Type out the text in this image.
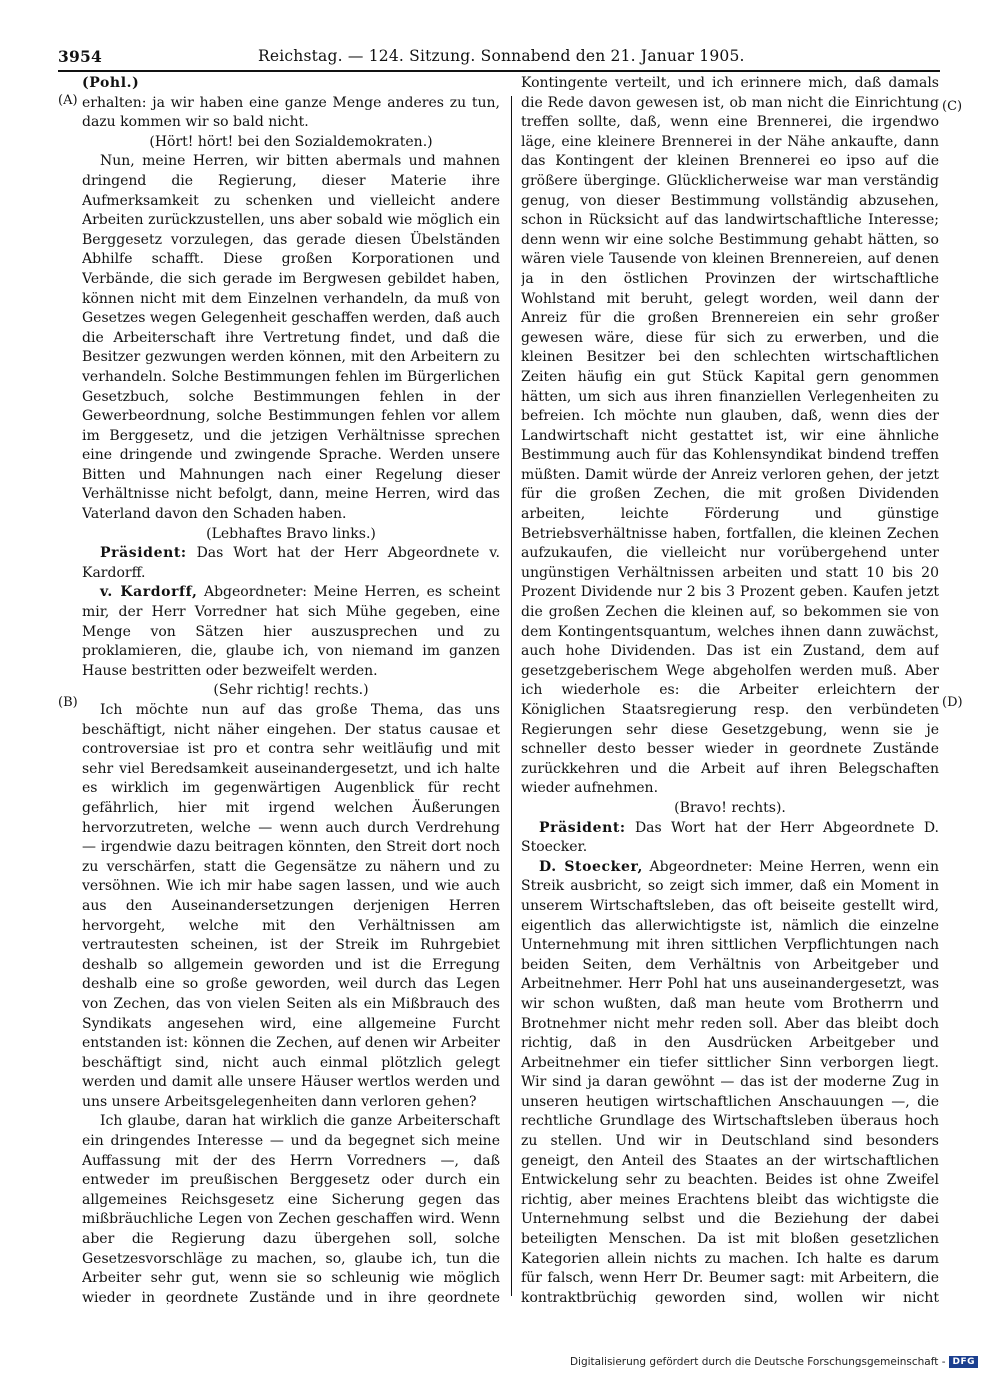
3954	Reichstag. — 124. Sitzung. Sonnabend den 21. Januar 1905.
(A)
(B)
(C)
(D)

(Pohl.)

erhalten: ja wir haben eine ganze Menge anderes zu tun, dazu kommen wir so bald nicht.

(Hört! hört! bei den Sozialdemokraten.)

Nun, meine Herren, wir bitten abermals und mahnen dringend die Regierung, dieser Materie ihre Aufmerksamkeit zu schenken und vielleicht andere Arbeiten zurückzustellen, uns aber sobald wie möglich ein Berggesetz vorzulegen, das gerade diesen Übelständen Abhilfe schafft. Diese großen Korporationen und Verbände, die sich gerade im Bergwesen gebildet haben, können nicht mit dem Einzelnen verhandeln, da muß von Gesetzes wegen Gelegenheit geschaffen werden, daß auch die Arbeiterschaft ihre Vertretung findet, und daß die Besitzer gezwungen werden können, mit den Arbeitern zu verhandeln. Solche Bestimmungen fehlen im Bürgerlichen Gesetzbuch, solche Bestimmungen fehlen in der Gewerbeordnung, solche Bestimmungen fehlen vor allem im Berggesetz, und die jetzigen Verhältnisse sprechen eine dringende und zwingende Sprache. Werden unsere Bitten und Mahnungen nach einer Regelung dieser Verhältnisse nicht befolgt, dann, meine Herren, wird das Vaterland davon den Schaden haben.

(Lebhaftes Bravo links.)

Präsident: Das Wort hat der Herr Abgeordnete v. Kardorff.

v. Kardorff, Abgeordneter: Meine Herren, es scheint mir, der Herr Vorredner hat sich Mühe gegeben, eine Menge von Sätzen hier auszusprechen und zu proklamieren, die, glaube ich, von niemand im ganzen Hause bestritten oder bezweifelt werden.

(Sehr richtig! rechts.)

Ich möchte nun auf das große Thema, das uns beschäftigt, nicht näher eingehen. Der status causae et controversiae ist pro et contra sehr weitläufig und mit sehr viel Beredsamkeit auseinandergesetzt, und ich halte es wirklich im gegenwärtigen Augenblick für recht gefährlich, hier mit irgend welchen Äußerungen hervorzutreten, welche — wenn auch durch Verdrehung — irgendwie dazu beitragen könnten, den Streit dort noch zu verschärfen, statt die Gegensätze zu nähern und zu versöhnen. Wie ich mir habe sagen lassen, und wie auch aus den Auseinandersetzungen derjenigen Herren hervorgeht, welche mit den Verhältnissen am vertrautesten scheinen, ist der Streik im Ruhrgebiet deshalb so allgemein geworden und ist die Erregung deshalb eine so große geworden, weil durch das Legen von Zechen, das von vielen Seiten als ein Mißbrauch des Syndikats angesehen wird, eine allgemeine Furcht entstanden ist: können die Zechen, auf denen wir Arbeiter beschäftigt sind, nicht auch einmal plötzlich gelegt werden und damit alle unsere Häuser wertlos werden und uns unsere Arbeitsgelegenheiten dann verloren gehen?

Ich glaube, daran hat wirklich die ganze Arbeiterschaft ein dringendes Interesse — und da begegnet sich meine Auffassung mit der des Herrn Vorredners —, daß entweder im preußischen Berggesetz oder durch ein allgemeines Reichsgesetz eine Sicherung gegen das mißbräuchliche Legen von Zechen geschaffen wird. Wenn aber die Regierung dazu übergehen soll, solche Gesetzesvorschläge zu machen, so, glaube ich, tun die Arbeiter sehr gut, wenn sie so schleunig wie möglich wieder in geordnete Zustände und in ihre geordnete

Kontingente verteilt, und ich erinnere mich, daß damals die Rede davon gewesen ist, ob man nicht die Einrichtung treffen sollte, daß, wenn eine Brennerei, die irgendwo läge, eine kleinere Brennerei in der Nähe ankaufte, dann das Kontingent der kleinen Brennerei eo ipso auf die größere überginge. Glücklicherweise war man verständig genug, von dieser Bestimmung vollständig abzusehen, schon in Rücksicht auf das landwirtschaftliche Interesse; denn wenn wir eine solche Bestimmung gehabt hätten, so wären viele Tausende von kleinen Brennereien, auf denen ja in den östlichen Provinzen der wirtschaftliche Wohlstand mit beruht, gelegt worden, weil dann der Anreiz für die großen Brennereien ein sehr großer gewesen wäre, diese für sich zu erwerben, und die kleinen Besitzer bei den schlechten wirtschaftlichen Zeiten häufig ein gut Stück Kapital gern genommen hätten, um sich aus ihren finanziellen Verlegenheiten zu befreien. Ich möchte nun glauben, daß, wenn dies der Landwirtschaft nicht gestattet ist, wir eine ähnliche Bestimmung auch für das Kohlensyndikat bindend treffen müßten. Damit würde der Anreiz verloren gehen, der jetzt für die großen Zechen, die mit großen Dividenden arbeiten, leichte Förderung und günstige Betriebsverhältnisse haben, fortfallen, die kleinen Zechen aufzukaufen, die vielleicht nur vorübergehend unter ungünstigen Verhältnissen arbeiten und statt 10 bis 20 Prozent Dividende nur 2 bis 3 Prozent geben. Kaufen jetzt die großen Zechen die kleinen auf, so bekommen sie von dem Kontingentsquantum, welches ihnen dann zuwächst, auch hohe Dividenden. Das ist ein Zustand, dem auf gesetzgeberischem Wege abgeholfen werden muß. Aber ich wiederhole es: die Arbeiter erleichtern der Königlichen Staatsregierung resp. den verbündeten Regierungen sehr diese Gesetzgebung, wenn sie je schneller desto besser wieder in geordnete Zustände zurückkehren und die Arbeit auf ihren Belegschaften wieder aufnehmen.

(Bravo! rechts).

Präsident: Das Wort hat der Herr Abgeordnete D. Stoecker.

D. Stoecker, Abgeordneter: Meine Herren, wenn ein Streik ausbricht, so zeigt sich immer, daß ein Moment in unserem Wirtschaftsleben, das oft beiseite gestellt wird, eigentlich das allerwichtigste ist, nämlich die einzelne Unternehmung mit ihren sittlichen Verpflichtungen nach beiden Seiten, dem Verhältnis von Arbeitgeber und Arbeitnehmer. Herr Pohl hat uns auseinandergesetzt, was wir schon wußten, daß man heute vom Brotherrn und Brotnehmer nicht mehr reden soll. Aber das bleibt doch richtig, daß in den Ausdrücken Arbeitgeber und Arbeitnehmer ein tiefer sittlicher Sinn verborgen liegt. Wir sind ja daran gewöhnt — das ist der moderne Zug in unseren heutigen wirtschaftlichen Anschauungen —, die rechtliche Grundlage des Wirtschaftsleben überaus hoch zu stellen. Und wir in Deutschland sind besonders geneigt, den Anteil des Staates an der wirtschaftlichen Entwickelung sehr zu beachten. Beides ist ohne Zweifel richtig, aber meines Erachtens bleibt das wichtigste die Unternehmung selbst und die Beziehung der dabei beteiligten Menschen. Da ist mit bloßen gesetzlichen Kategorien allein nichts zu machen. Ich halte es darum für falsch, wenn Herr Dr. Beumer sagt: mit Arbeitern, die kontraktbrüchig geworden sind, wollen wir nicht

Digitalisierung gefördert durch die Deutsche Forschungsgemeinschaft - DFG
